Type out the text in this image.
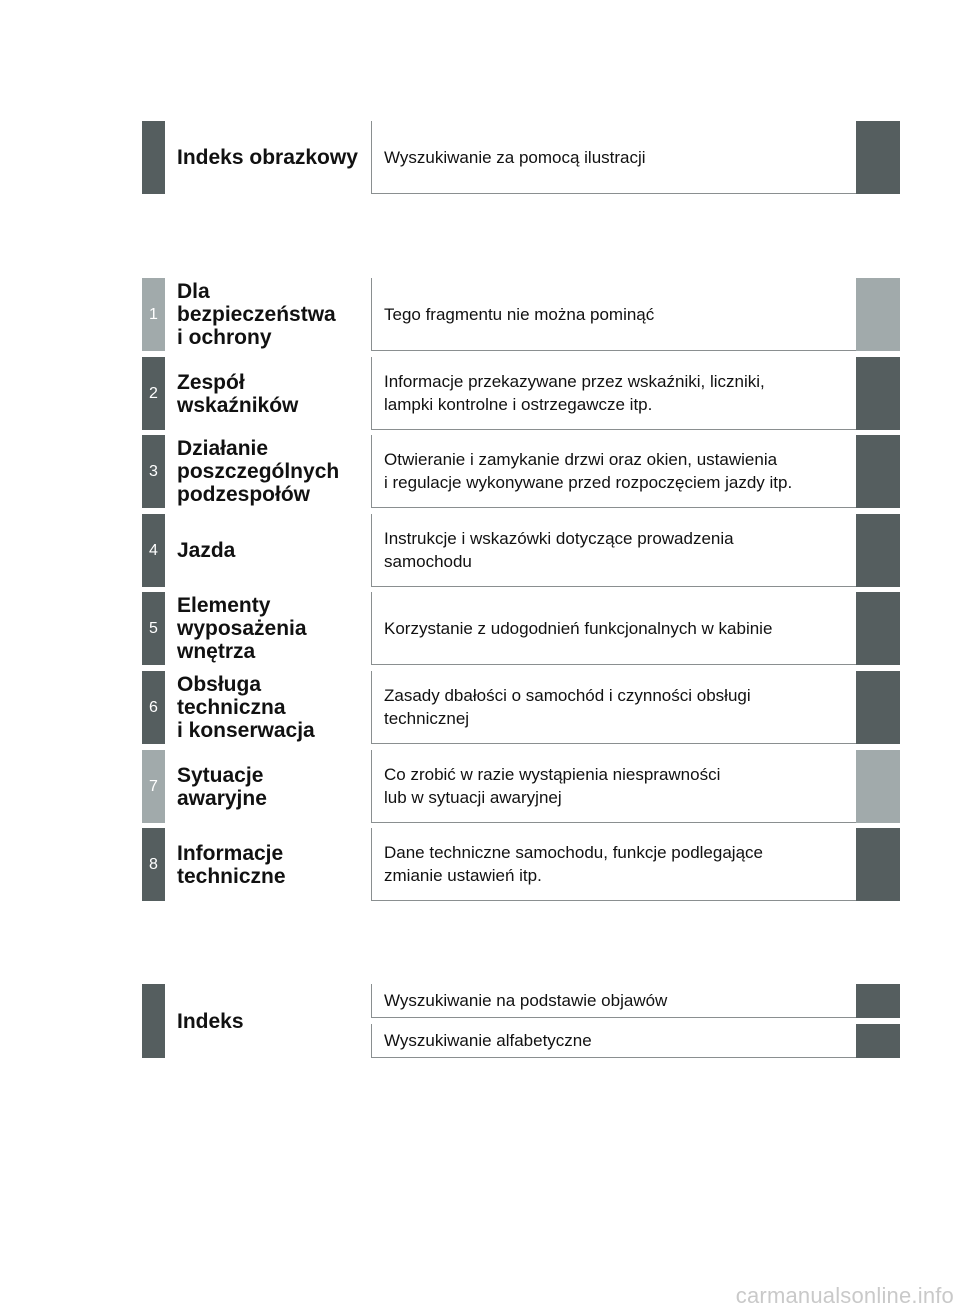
Indeks obrazkowy	Wyszukiwanie za pomocą ilustracji
1
Dla
bezpieczeństwa
i ochrony
Tego fragmentu nie można pominąć
2 Zespół
wskaźników
Informacje przekazywane przez wskaźniki, liczniki,
lampki kontrolne i ostrzegawcze itp.
3
Działanie
poszczególnych
podzespołów
Otwieranie i zamykanie drzwi oraz okien, ustawienia
i regulacje wykonywane przed rozpoczęciem jazdy itp.
4 Jazda
Instrukcje i wskazówki dotyczące prowadzenia
samochodu
5
Elementy
wyposażenia
wnętrza
Korzystanie z udogodnień funkcjonalnych w kabinie
6
Obsługa
techniczna
i konserwacja
Zasady dbałości o samochód i czynności obsługi
technicznej
7 Sytuacje
awaryjne
Co zrobić w razie wystąpienia niesprawności
lub w sytuacji awaryjnej
8 Informacje
techniczne
Dane techniczne samochodu, funkcje podlegające
zmianie ustawień itp.
Indeks
Wyszukiwanie na podstawie objawów
Wyszukiwanie alfabetyczne
carmanualsonline.info
